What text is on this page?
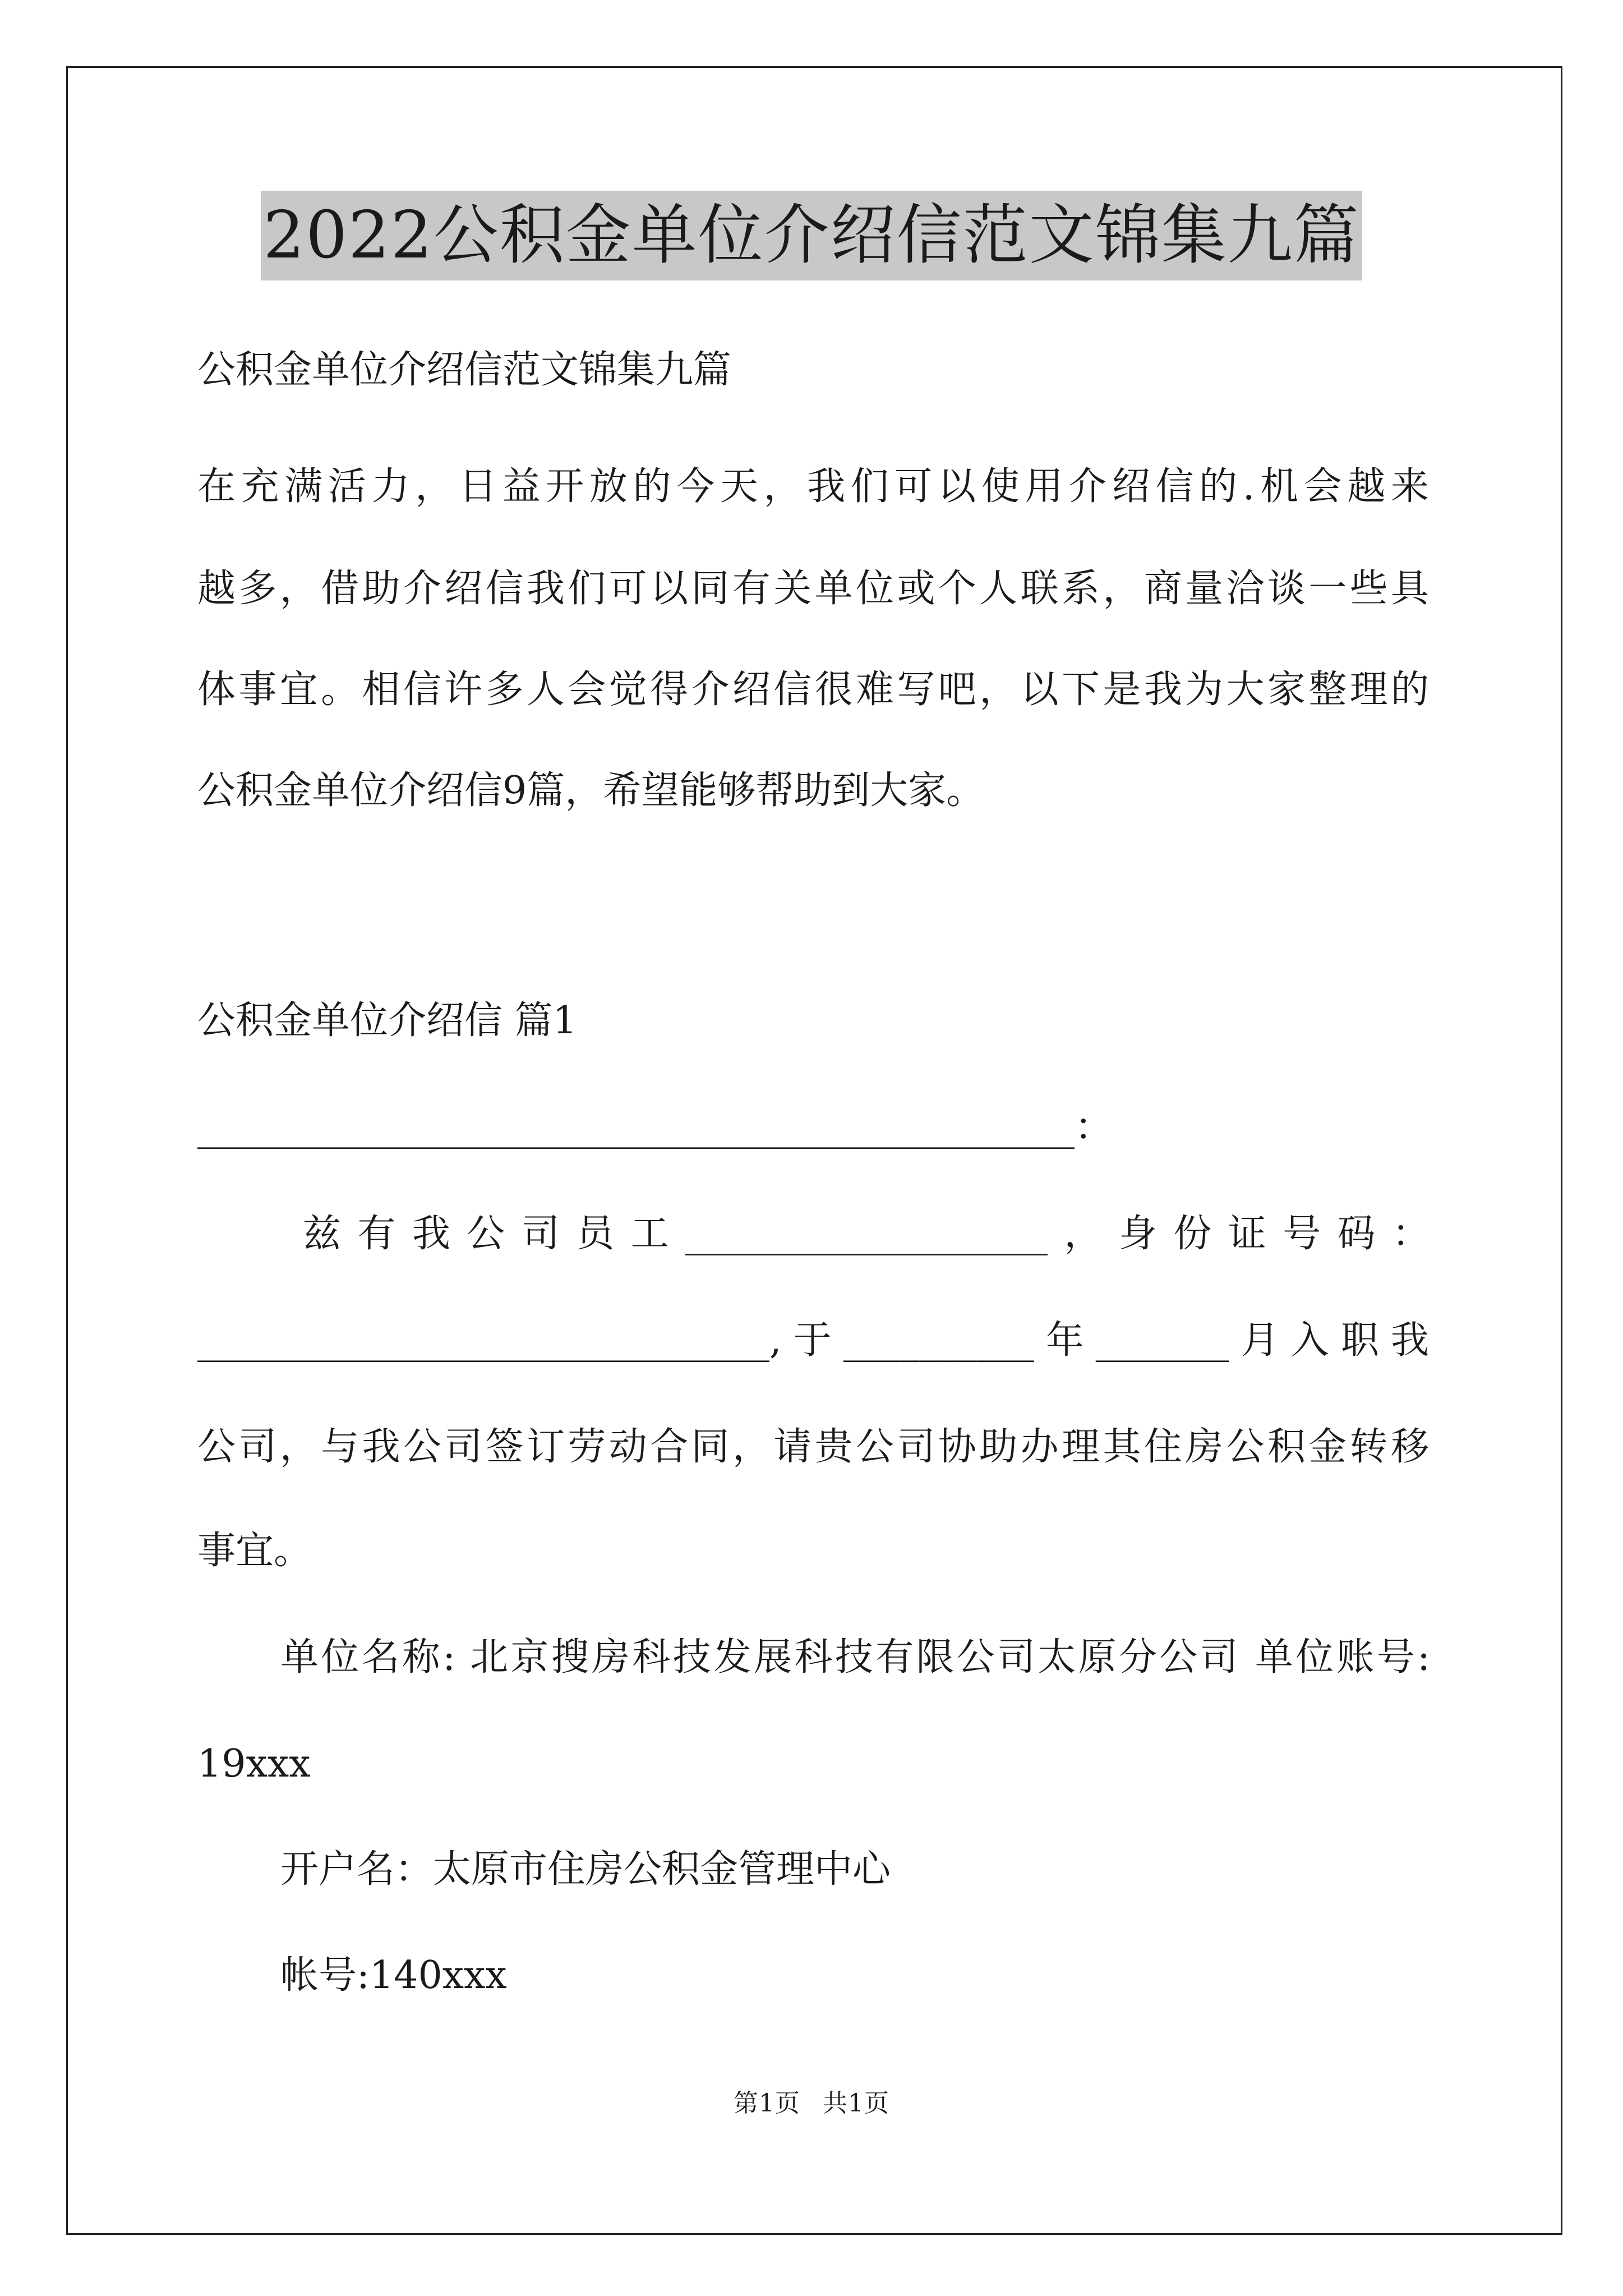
2022公积金单位介绍信范文锦集九篇
公积金单位介绍信范文锦集九篇
在充满活力，日益开放的今天，我们可以使用介绍信的.机会越来
越多，借助介绍信我们可以同有关单位或个人联系，商量洽谈一些具
体事宜。相信许多人会觉得介绍信很难写吧，以下是我为大家整理的
公积金单位介绍信9篇，希望能够帮助到大家。
公积金单位介绍信 篇1
______________________________________________：
兹有我公司员工___________________，身份证号码：
______________________________,于__________年_______月入职我
公司，与我公司签订劳动合同，请贵公司协助办理其住房公积金转移
事宜。
单位名称: 北京搜房科技发展科技有限公司太原分公司 单位账号:
19xxx
开户名：太原市住房公积金管理中心
帐号:140xxx
第1页 共1页
